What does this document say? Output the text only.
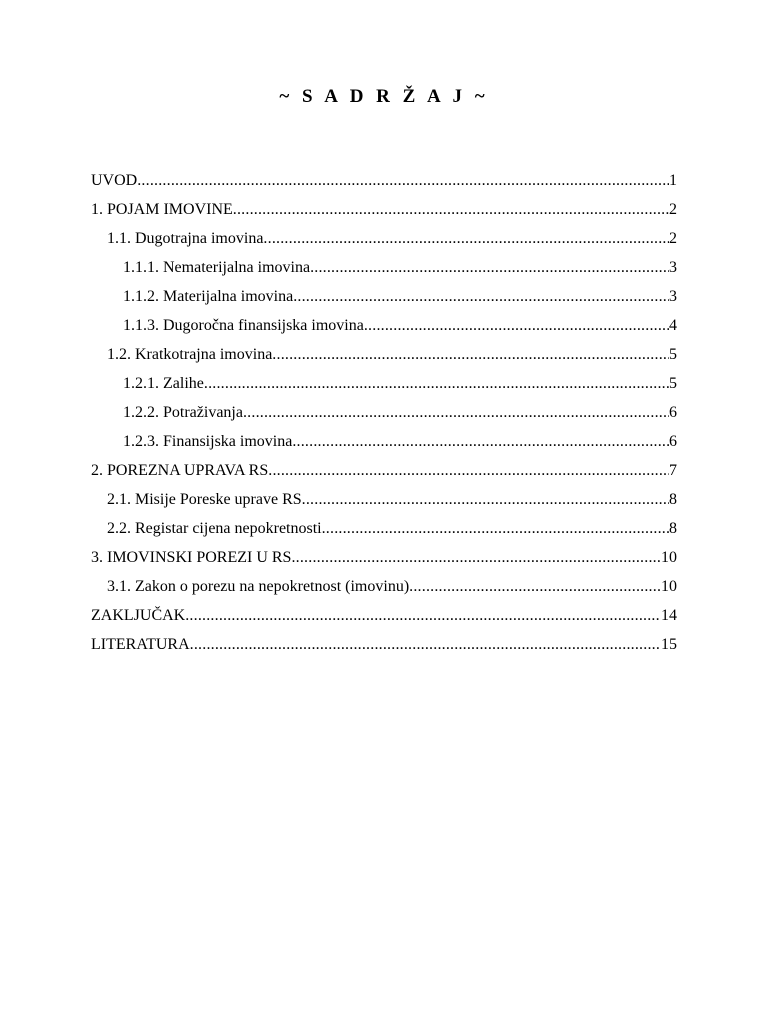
~ S A D R Ž A J ~
UVOD .....	1
1. POJAM IMOVINE .....	2
1.1. Dugotrajna imovina .....	2
1.1.1. Nematerijalna imovina .....	3
1.1.2. Materijalna imovina .....	3
1.1.3. Dugoročna finansijska imovina .....	4
1.2. Kratkotrajna imovina .....	5
1.2.1. Zalihe .....	5
1.2.2. Potraživanja .....	6
1.2.3. Finansijska imovina .....	6
2. POREZNA UPRAVA RS .....	7
2.1. Misije Poreske uprave RS .....	8
2.2. Registar cijena nepokretnosti .....	8
3. IMOVINSKI POREZI U RS .....	10
3.1. Zakon o porezu na nepokretnost (imovinu) .....	10
ZAKLJUČAK .....	14
LITERATURA .....	15
